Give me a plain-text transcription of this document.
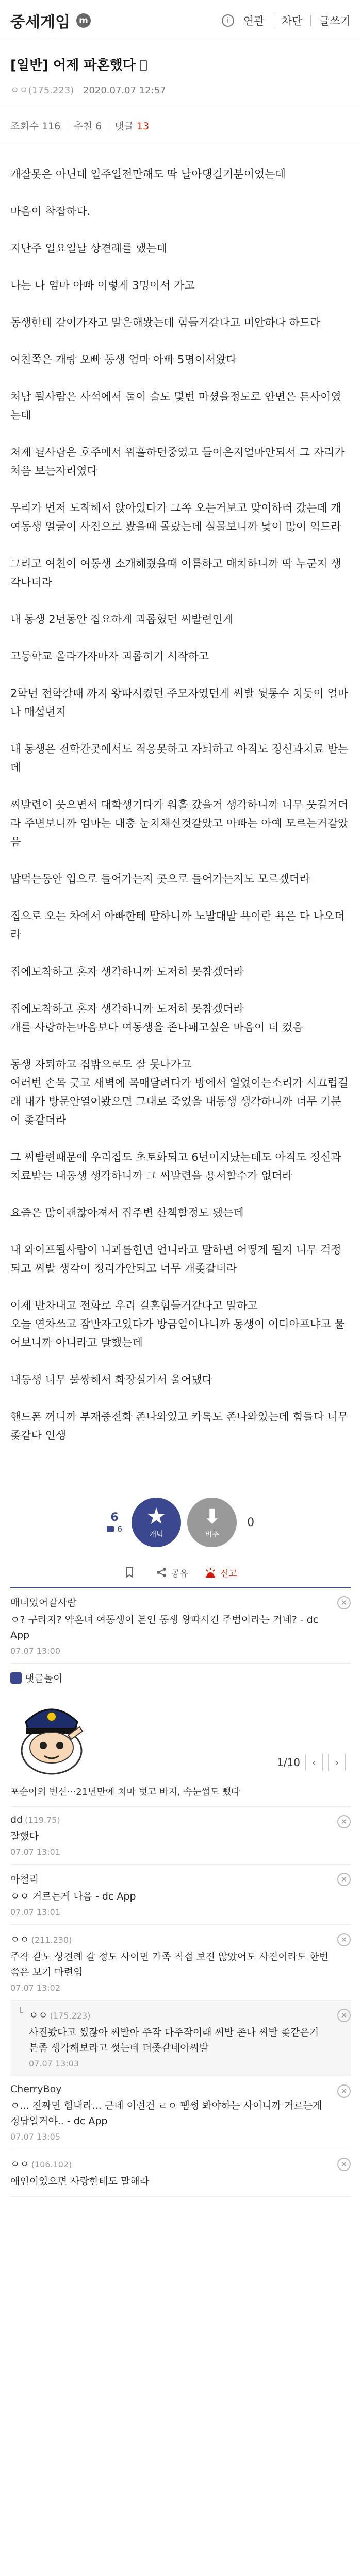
중세게임	m	i	연관 차단 글쓰기
[일반] 어제 파혼했다
ㅇㅇ(175.223) 2020.07.07 12:57
조회수 116 추천 6 댓글 13
개잘못은 아닌데 일주일전만해도 딱 날아댕길기분이었는데
마음이 착잡하다.
지난주 일요일날 상견례를 했는데
나는 나 엄마 아빠 이렇게 3명이서 가고
동생한테 같이가자고 말은해봤는데 힘들거같다고 미안하다 하드라
여친쪽은 개랑 오빠 동생 엄마 아빠 5명이서왔다
처남 될사람은 사석에서 둘이 술도 몇번 마셨을정도로 안면은 튼사이였는데
처제 될사람은 호주에서 워홀하던중였고 들어온지얼마안되서 그 자리가 처음 보는자리였다
우리가 먼저 도착해서 앉아있다가 그쪽 오는거보고 맞이하러 갔는데 개여동생 얼굴이 사진으로 봤을때 몰랐는데 실물보니까 낯이 많이 익드라
그리고 여친이 여동생 소개해줬을때 이름하고 매치하니까 딱 누군지 생각나더라
내 동생 2년동안 집요하게 괴롭혔던 씨발련인게
고등학교 올라가자마자 괴롭히기 시작하고
2학년 전학갈때 까지 왕따시켰던 주모자였던게 씨발 뒷통수 치듯이 얼마나 매섭던지
내 동생은 전학간곳에서도 적응못하고 자퇴하고 아직도 정신과치료 받는데
씨발련이 웃으면서 대학생기다가 워홀 갔을거 생각하니까 너무 웃길거더라 주변보니까 엄마는 대충 눈치채신것같았고 아빠는 아예 모르는거같았음
밥먹는동안 입으로 들어가는지 콧으로 들어가는지도 모르겠더라
집으로 오는 차에서 아빠한테 말하니까 노발대발 욕이란 욕은 다 나오더라
집에도착하고 혼자 생각하니까 도저히 못참겠더라
집에도착하고 혼자 생각하니까 도저히 못참겠더라
개를 사랑하는마음보다 여동생을 존나패고싶은 마음이 더 컸음
동생 자퇴하고 집밖으로도 잘 못나가고
여러번 손목 긋고 새벽에 목매달려다가 방에서 얼었이는소리가 시끄럽길래 내가 방문안열어봤으면 그대로 죽었을 내동생 생각하니까 너무 기분이 좆같더라
그 씨발련때문에 우리집도 초토화되고 6년이지났는데도 아직도 정신과 치료받는 내동생 생각하니까 그 씨발련을 용서할수가 없더라
요즘은 많이괜찮아져서 집주변 산책할정도 됐는데
내 와이프될사람이 니괴롭힌년 언니라고 말하면 어떻게 될지 너무 걱정되고 씨발 생각이 정리가안되고 너무 개좆같더라
어제 반차내고 전화로 우리 결혼힘들거같다고 말하고
오늘 연차쓰고 잠만자고있다가 방금일어나니까 동생이 어디아프냐고 물어보니까 아니라고 말했는데
내동생 너무 불쌍해서 화장실가서 울어댔다
핸드폰 꺼니까 부재중전화 존나와있고 카톡도 존나와있는데 힘들다 너무 좆같다 인생
6
6 ★
개념
⬇
비추
0
공유	신고
매너있어갈사람
ㅇ? 구라지? 약혼녀 여동생이 본인 동생 왕따시킨 주범이라는 거네? - dc App
07.07 13:00
✕
댓글돌이
1/10	‹	›
포순이의 변신···21년만에 치마 벗고 바지, 속눈썹도 뺐다
dd (119.75)
잘했다
07.07 13:01
✕
아철리
ㅇㅇ 거르는게 나음 - dc App
07.07 13:01
✕
ㅇㅇ (211.230)
주작 같노 상견례 갈 정도 사이면 가족 직접 보진 않았어도 사진이라도 한번쯤은 보기 마련임
07.07 13:02
✕
└ ㅇㅇ (175.223)
사진봤다고 썼잖아 씨발아 주작 다주작이래 씨발 존나 씨발 좆같은기분좀 생각해보라고 썻는데 더좆같네아씨발
07.07 13:03
✕
CherryBoy
ㅇ... 진짜면 힘내라... 근데 이런건 ㄹㅇ 팸썽 봐야하는 사이니까 거르는게 정답일거야.. - dc App
07.07 13:05
✕
ㅇㅇ (106.102)
애인이었으면 사랑한테도 말해라
✕
